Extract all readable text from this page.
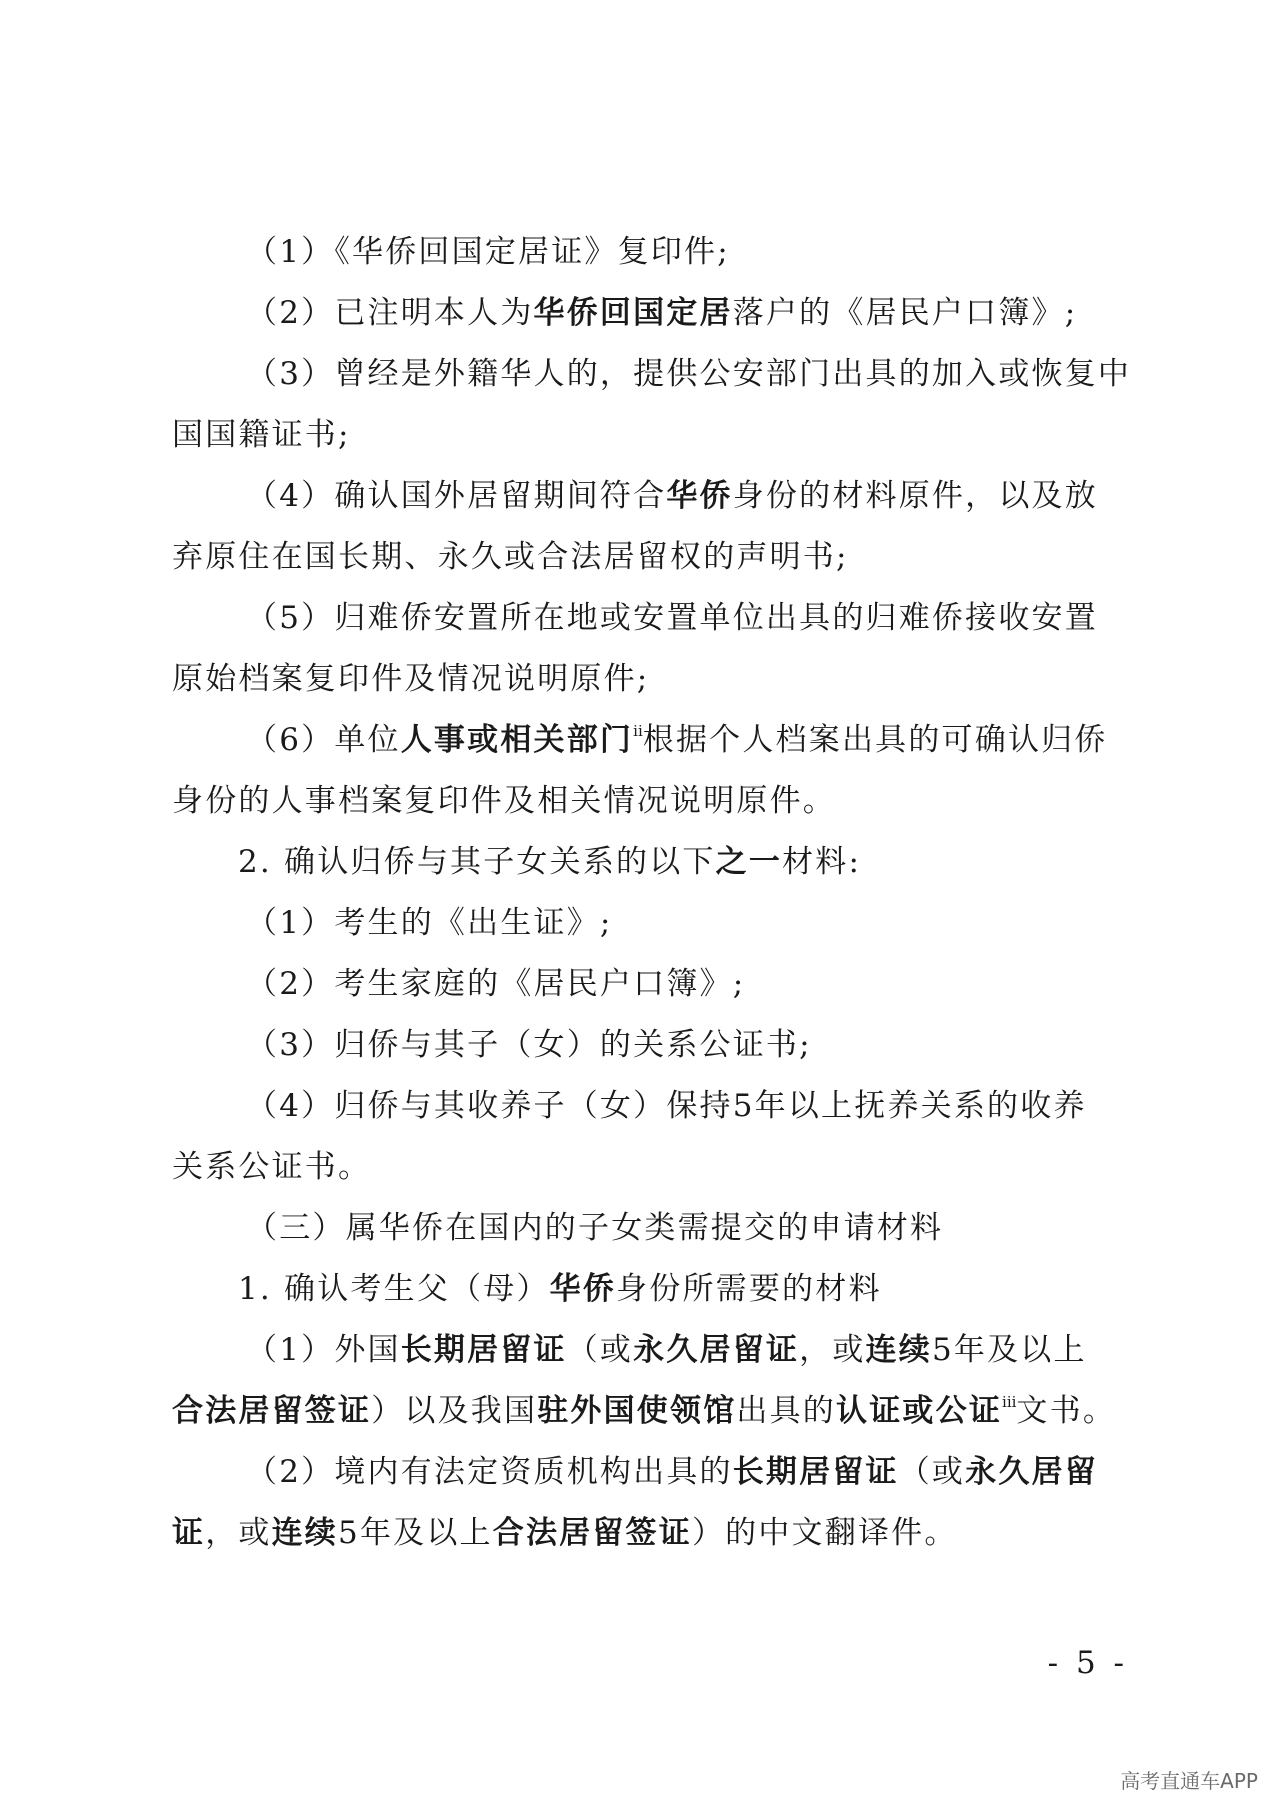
（1）《华侨回国定居证》复印件;
（2）已注明本人为华侨回国定居落户的《居民户口簿》;
（3）曾经是外籍华人的，提供公安部门出具的加入或恢复中
国国籍证书;
（4）确认国外居留期间符合华侨身份的材料原件，以及放
弃原住在国长期、永久或合法居留权的声明书;
（5）归难侨安置所在地或安置单位出具的归难侨接收安置
原始档案复印件及情况说明原件;
（6）单位人事或相关部门$^{ii}$根据个人档案出具的可确认归侨
身份的人事档案复印件及相关情况说明原件。
2. 确认归侨与其子女关系的以下之一材料:
（1）考生的《出生证》;
（2）考生家庭的《居民户口簿》;
（3）归侨与其子（女）的关系公证书;
（4）归侨与其收养子（女）保持5年以上抚养关系的收养
关系公证书。
（三）属华侨在国内的子女类需提交的申请材料
1. 确认考生父（母）华侨身份所需要的材料
（1）外国长期居留证（或永久居留证，或连续5年及以上
合法居留签证）以及我国驻外国使领馆出具的认证或公证$^{iii}$文书。
（2）境内有法定资质机构出具的长期居留证（或永久居留
证，或连续5年及以上合法居留签证）的中文翻译件。
- 5 -
高考直通车APP
